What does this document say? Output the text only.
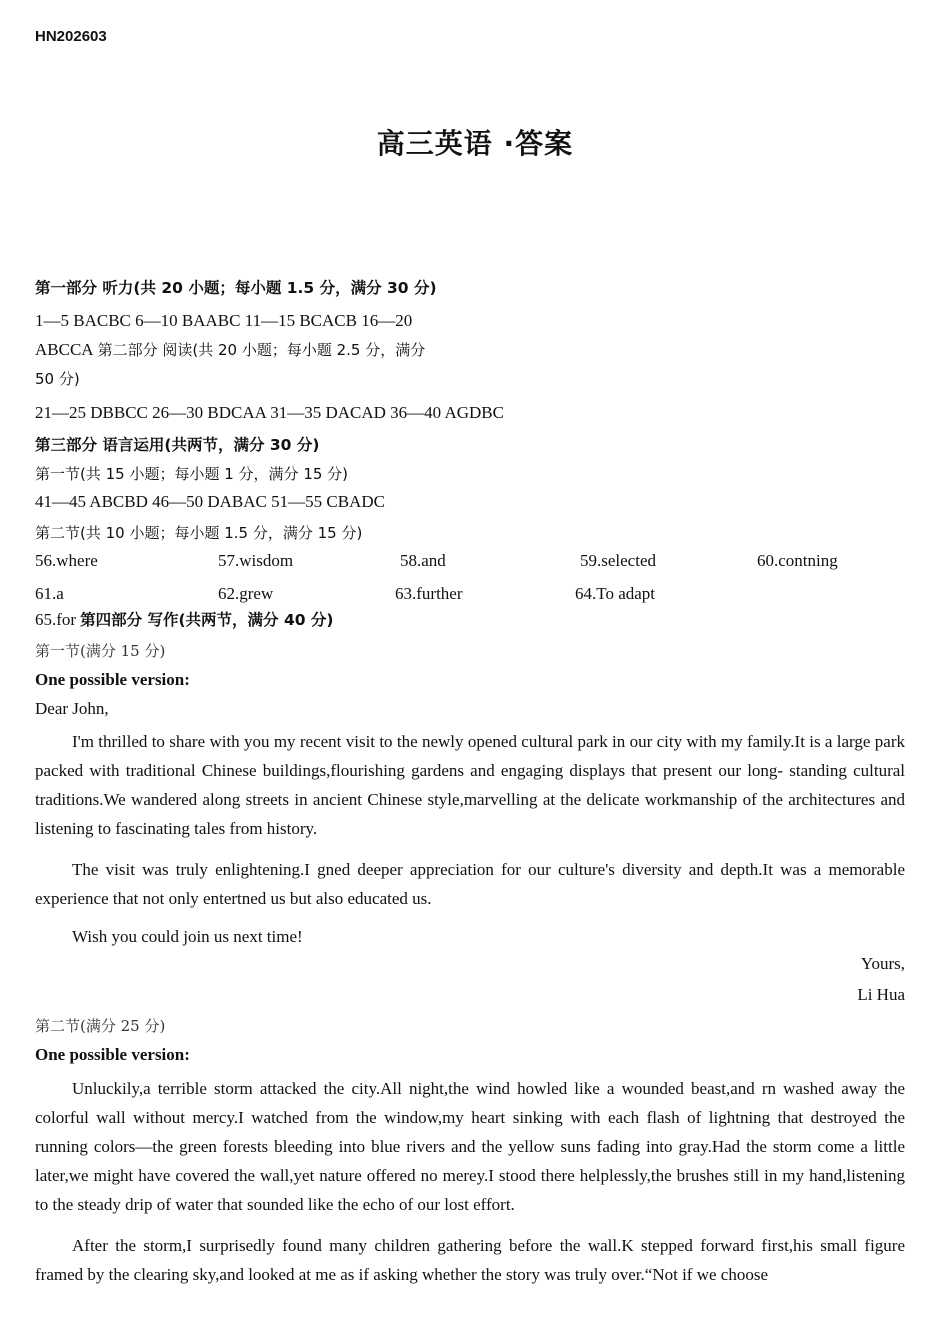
HN202603
高三英语 ·答案
第一部分 听力(共 20 小题；每小题 1.5 分，满分 30 分)
1—5 BACBC 6—10 BAABC 11—15 BCACB 16—20
ABCCA 第二部分 阅读(共 20 小题；每小题 2.5 分，满分
50 分)
21—25 DBBCC 26—30 BDCAA 31—35 DACAD 36—40 AGDBC
第三部分 语言运用(共两节，满分 30 分)
第一节(共 15 小题；每小题 1 分，满分 15 分)
41—45 ABCBD 46—50 DABAC 51—55 CBADC
第二节(共 10 小题；每小题 1.5 分，满分 15 分)
56.where	57.wisdom	58.and	59.selected	60.contning
61.a	62.grew	63.further	64.To adapt
65.for 第四部分 写作(共两节，满分 40 分)
第一节(满分 15 分)
One possible version:
Dear John,
I'm thrilled to share with you my recent visit to the newly opened cultural park in our city with my family.It is a large park packed with traditional Chinese buildings,flourishing gardens and engaging displays that present our long- standing cultural traditions.We wandered along streets in ancient Chinese style,marvelling at the delicate workmanship of the architectures and listening to fascinating tales from history.
The visit was truly enlightening.I gned deeper appreciation for our culture's diversity and depth.It was a memorable experience that not only entertned us but also educated us.
Wish you could join us next time!
Yours,
Li Hua
第二节(满分 25 分)
One possible version:
Unluckily,a terrible storm attacked the city.All night,the wind howled like a wounded beast,and rn washed away the colorful wall without mercy.I watched from the window,my heart sinking with each flash of lightning that destroyed the running colors—the green forests bleeding into blue rivers and the yellow suns fading into gray.Had the storm come a little later,we might have covered the wall,yet nature offered no merey.I stood there helplessly,the brushes still in my hand,listening to the steady drip of water that sounded like the echo of our lost effort.
After the storm,I surprisedly found many children gathering before the wall.K stepped forward first,his small figure framed by the clearing sky,and looked at me as if asking whether the story was truly over.“Not if we choose
